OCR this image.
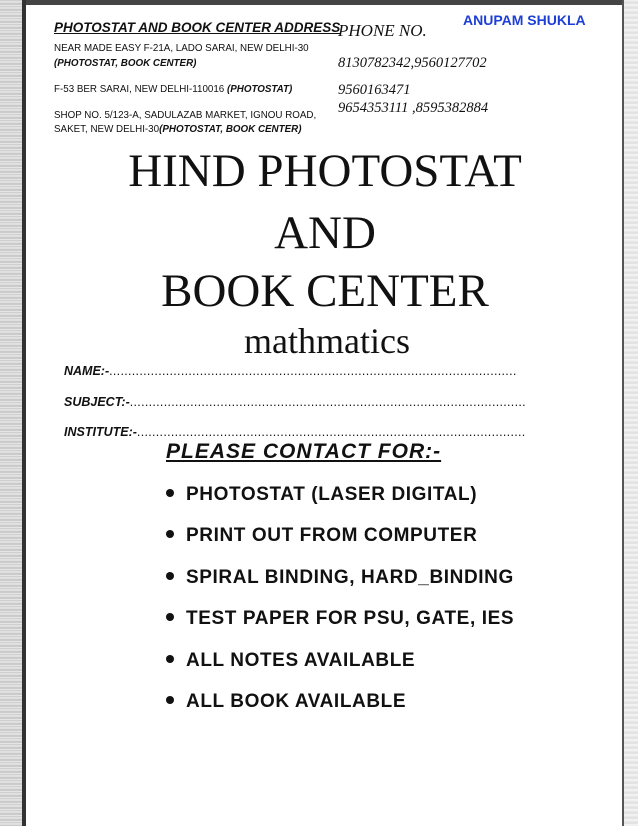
PHOTOSTAT AND BOOK CENTER ADDRESS
NEAR MADE EASY F-21A, LADO SARAI, NEW DELHI-30
(PHOTOSTAT, BOOK CENTER)
F-53 BER SARAI, NEW DELHI-110016 (PHOTOSTAT)
SHOP NO. 5/123-A, SADULAZAB MARKET, IGNOU ROAD,
SAKET, NEW DELHI-30(PHOTOSTAT, BOOK CENTER)
PHONE NO.
8130782342,9560127702
9560163471
9654353111 ,8595382884
ANUPAM SHUKLA
HIND PHOTOSTAT
AND
BOOK CENTER
mathmatics
NAME:-............................................................................................................
SUBJECT:-.........................................................................................................
INSTITUTE:-.......................................................................................................
PLEASE CONTACT FOR:-
PHOTOSTAT (LASER DIGITAL)
PRINT OUT FROM COMPUTER
SPIRAL BINDING, HARD_BINDING
TEST PAPER FOR PSU, GATE, IES
ALL NOTES AVAILABLE
ALL BOOK AVAILABLE
